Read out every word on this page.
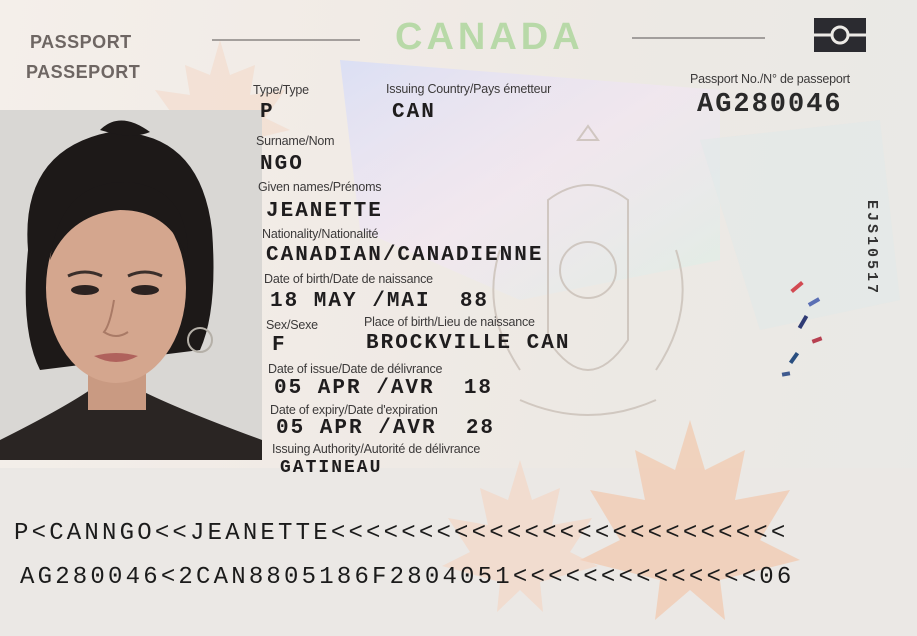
PASSPORT
PASSEPORT
CANADA
Passport No./N° de passeport
AG280046
Type/Type
P
Issuing Country/Pays émetteur
CAN
Surname/Nom
NGO
Given names/Prénoms
JEANETTE
Nationality/Nationalité
CANADIAN/CANADIENNE
Date of birth/Date de naissance
18 MAY /MAI  88
Sex/Sexe
F
Place of birth/Lieu de naissance
BROCKVILLE CAN
Date of issue/Date de délivrance
05 APR /AVR  18
Date of expiry/Date d'expiration
05 APR /AVR  28
Issuing Authority/Autorité de délivrance
GATINEAU
EJS10517
P<CANNGO<<JEANETTE<<<<<<<<<<<<<<<<<<<<<<<<<<
AG280046<2CAN8805186F2804051<<<<<<<<<<<<<<06
